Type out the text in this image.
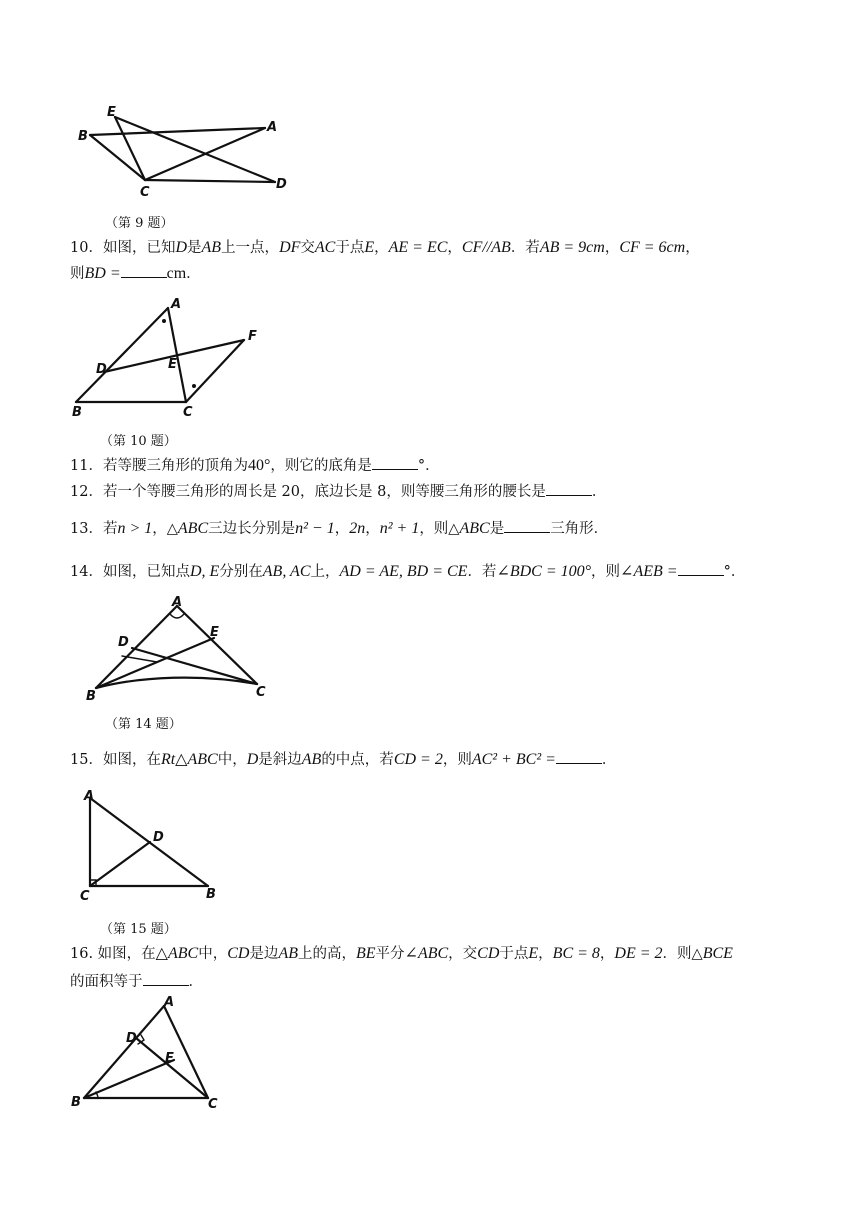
E
B
A
C
D
（第 9 题）
10．如图，已知D是AB上一点，DF交AC于点E，AE = EC，CF//AB．若AB = 9cm，CF = 6cm，
则BD =	cm．
A
F
D	E
B	C
（第 10 题）
11．若等腰三角形的顶角为40°，则它的底角是	°．
12．若一个等腰三角形的周长是 20，底边长是 8，则等腰三角形的腰长是	．
13．若n > 1，△ABC三边长分别是n² − 1，2n，n² + 1，则△ABC是	三角形．
14．如图，已知点D, E分别在AB, AC上，AD = AE, BD = CE．若∠BDC = 100°，则∠AEB =	°．
A
E
D
B	C
（第 14 题）
15．如图，在Rt△ABC中，D是斜边AB的中点，若CD = 2，则AC² + BC² =	．
A
D
C	B
（第 15 题）
16. 如图，在△ABC中，CD是边AB上的高，BE平分∠ABC，交CD于点E，BC = 8，DE = 2．则△BCE
的面积等于	．
A
D
E
B	C
